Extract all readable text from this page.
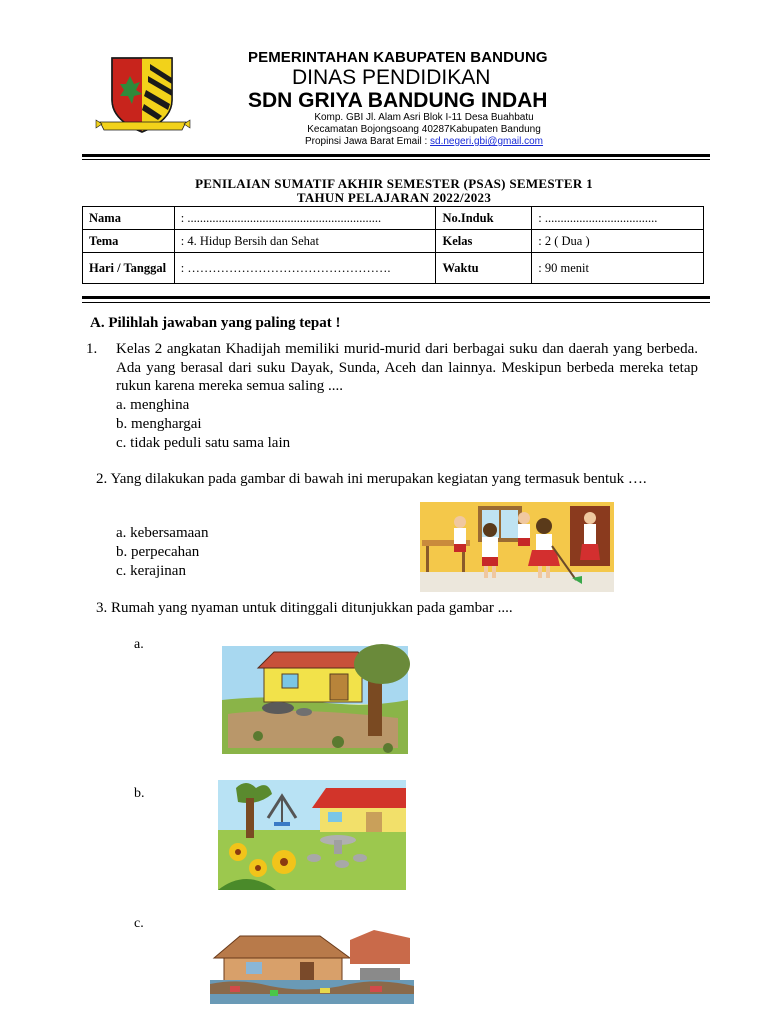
PEMERINTAHAN KABUPATEN BANDUNG
DINAS PENDIDIKAN
SDN GRIYA BANDUNG INDAH
Komp. GBI Jl. Alam Asri Blok I-11 Desa Buahbatu
Kecamatan Bojongsoang 40287Kabupaten Bandung
Propinsi Jawa Barat Email : sd.negeri.gbi@gmail.com
PENILAIAN SUMATIF AKHIR SEMESTER (PSAS) SEMESTER 1
TAHUN PELAJARAN 2022/2023
Nama	: ..............................................................	No.Induk	: ....................................
Tema	: 4. Hidup Bersih dan Sehat	Kelas	: 2 ( Dua )
Hari / Tanggal	: ………………………………………….	Waktu	: 90 menit
A. Pilihlah jawaban yang paling tepat !
1. Kelas 2 angkatan Khadijah memiliki murid-murid dari berbagai suku dan daerah yang berbeda. Ada yang berasal dari suku Dayak, Sunda, Aceh dan lainnya. Meskipun berbeda mereka tetap rukun karena mereka semua saling ....
a. menghina
b. menghargai
c. tidak peduli satu sama lain
2. Yang dilakukan pada gambar di bawah ini merupakan kegiatan yang termasuk bentuk ….
a. kebersamaan
b. perpecahan
c. kerajinan
3. Rumah yang nyaman untuk ditinggali ditunjukkan pada gambar ....
a.
b.
c.
